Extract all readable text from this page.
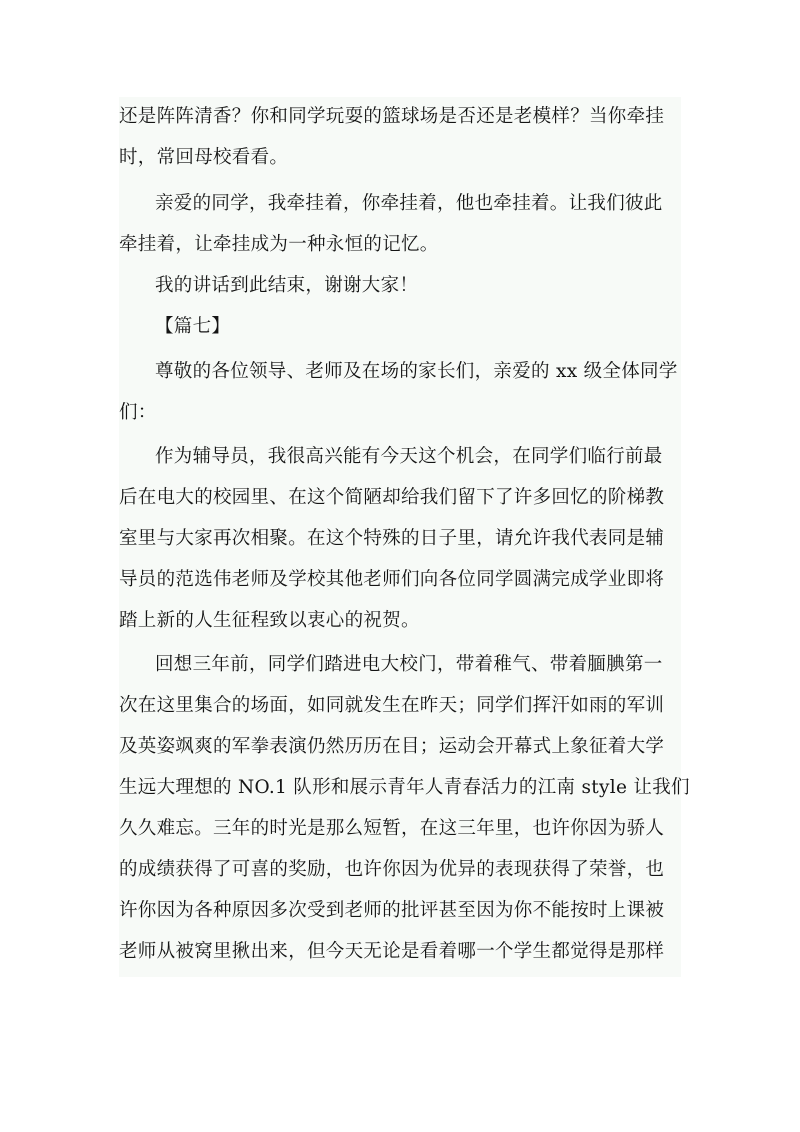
还是阵阵清香？你和同学玩耍的篮球场是否还是老模样？当你牵挂
时，常回母校看看。
亲爱的同学，我牵挂着，你牵挂着，他也牵挂着。让我们彼此
牵挂着，让牵挂成为一种永恒的记忆。
我的讲话到此结束，谢谢大家！
【篇七】
尊敬的各位领导、老师及在场的家长们，亲爱的 xx 级全体同学
们：
作为辅导员，我很高兴能有今天这个机会，在同学们临行前最
后在电大的校园里、在这个简陋却给我们留下了许多回忆的阶梯教
室里与大家再次相聚。在这个特殊的日子里，请允许我代表同是辅
导员的范选伟老师及学校其他老师们向各位同学圆满完成学业即将
踏上新的人生征程致以衷心的祝贺。
回想三年前，同学们踏进电大校门，带着稚气、带着腼腆第一
次在这里集合的场面，如同就发生在昨天；同学们挥汗如雨的军训
及英姿飒爽的军拳表演仍然历历在目；运动会开幕式上象征着大学
生远大理想的 NO.1 队形和展示青年人青春活力的江南 style 让我们
久久难忘。三年的时光是那么短暂，在这三年里，也许你因为骄人
的成绩获得了可喜的奖励，也许你因为优异的表现获得了荣誉，也
许你因为各种原因多次受到老师的批评甚至因为你不能按时上课被
老师从被窝里揪出来，但今天无论是看着哪一个学生都觉得是那样
